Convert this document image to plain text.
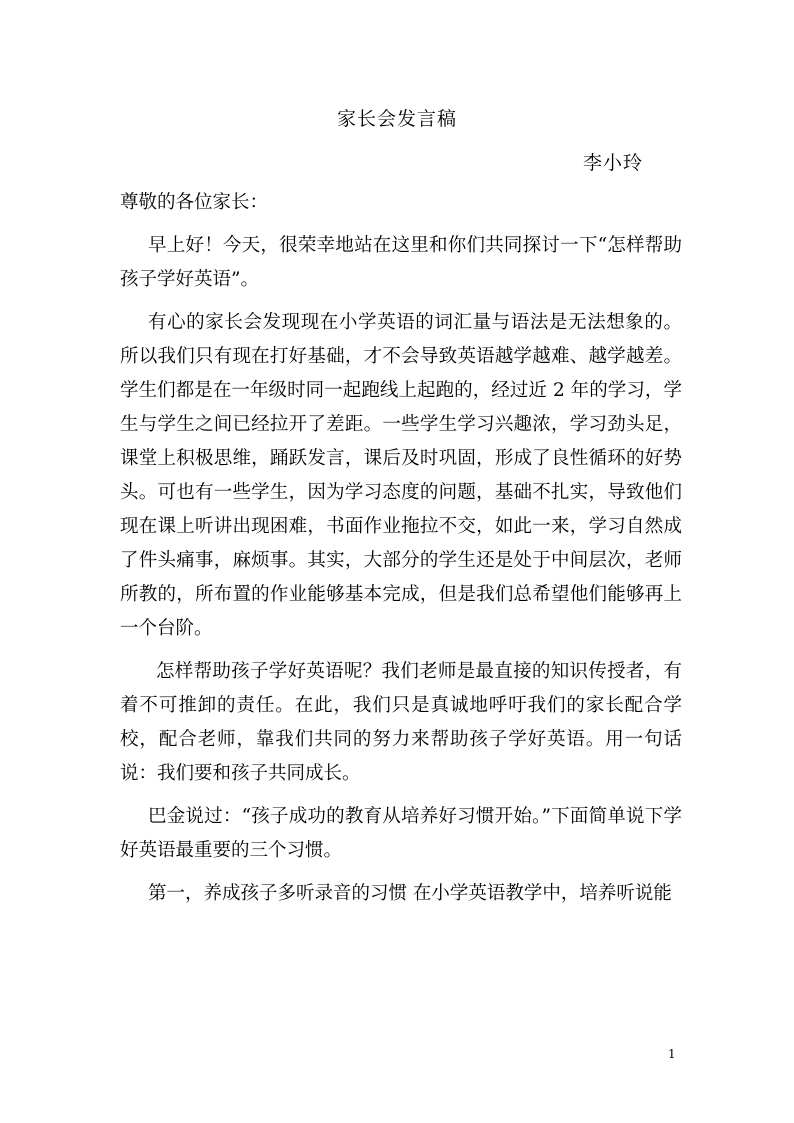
家长会发言稿
李小玲

尊敬的各位家长：

早上好！今天，很荣幸地站在这里和你们共同探讨一下“怎样帮助孩子学好英语”。

有心的家长会发现现在小学英语的词汇量与语法是无法想象的。所以我们只有现在打好基础，才不会导致英语越学越难、越学越差。学生们都是在一年级时同一起跑线上起跑的，经过近 2 年的学习，学生与学生之间已经拉开了差距。一些学生学习兴趣浓，学习劲头足，课堂上积极思维，踊跃发言，课后及时巩固，形成了良性循环的好势头。可也有一些学生，因为学习态度的问题，基础不扎实，导致他们现在课上听讲出现困难，书面作业拖拉不交，如此一来，学习自然成了件头痛事，麻烦事。其实，大部分的学生还是处于中间层次，老师所教的，所布置的作业能够基本完成，但是我们总希望他们能够再上一个台阶。

怎样帮助孩子学好英语呢？我们老师是最直接的知识传授者，有着不可推卸的责任。在此，我们只是真诚地呼吁我们的家长配合学校，配合老师，靠我们共同的努力来帮助孩子学好英语。用一句话说：我们要和孩子共同成长。

巴金说过：“孩子成功的教育从培养好习惯开始。”下面简单说下学好英语最重要的三个习惯。

第一，养成孩子多听录音的习惯 在小学英语教学中，培养听说能

1
